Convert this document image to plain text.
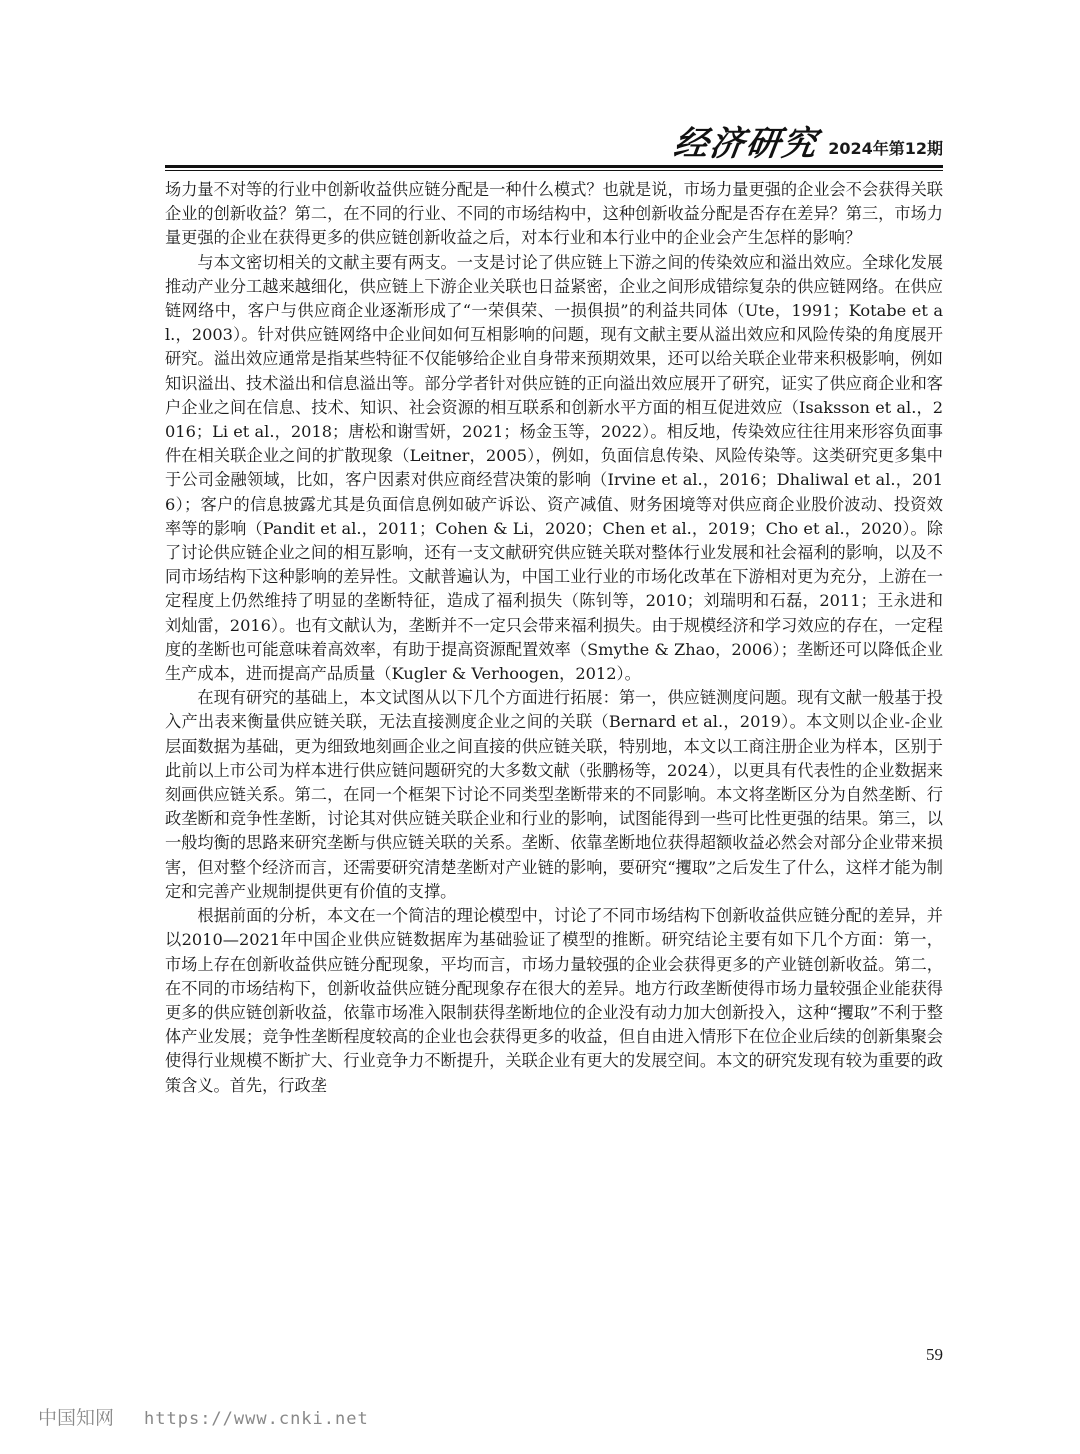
经济研究 2024年第12期

场力量不对等的行业中创新收益供应链分配是一种什么模式？也就是说，市场力量更强的企业会不会获得关联企业的创新收益？第二，在不同的行业、不同的市场结构中，这种创新收益分配是否存在差异？第三，市场力量更强的企业在获得更多的供应链创新收益之后，对本行业和本行业中的企业会产生怎样的影响？

与本文密切相关的文献主要有两支。一支是讨论了供应链上下游之间的传染效应和溢出效应。全球化发展推动产业分工越来越细化，供应链上下游企业关联也日益紧密，企业之间形成错综复杂的供应链网络。在供应链网络中，客户与供应商企业逐渐形成了“一荣俱荣、一损俱损”的利益共同体（Ute，1991；Kotabe et al.，2003）。针对供应链网络中企业间如何互相影响的问题，现有文献主要从溢出效应和风险传染的角度展开研究。溢出效应通常是指某些特征不仅能够给企业自身带来预期效果，还可以给关联企业带来积极影响，例如知识溢出、技术溢出和信息溢出等。部分学者针对供应链的正向溢出效应展开了研究，证实了供应商企业和客户企业之间在信息、技术、知识、社会资源的相互联系和创新水平方面的相互促进效应（Isaksson et al.，2016；Li et al.，2018；唐松和谢雪妍，2021；杨金玉等，2022）。相反地，传染效应往往用来形容负面事件在相关联企业之间的扩散现象（Leitner，2005），例如，负面信息传染、风险传染等。这类研究更多集中于公司金融领域，比如，客户因素对供应商经营决策的影响（Irvine et al.，2016；Dhaliwal et al.，2016）；客户的信息披露尤其是负面信息例如破产诉讼、资产减值、财务困境等对供应商企业股价波动、投资效率等的影响（Pandit et al.，2011；Cohen & Li，2020；Chen et al.，2019；Cho et al.，2020）。除了讨论供应链企业之间的相互影响，还有一支文献研究供应链关联对整体行业发展和社会福利的影响，以及不同市场结构下这种影响的差异性。文献普遍认为，中国工业行业的市场化改革在下游相对更为充分，上游在一定程度上仍然维持了明显的垄断特征，造成了福利损失（陈钊等，2010；刘瑞明和石磊，2011；王永进和刘灿雷，2016）。也有文献认为，垄断并不一定只会带来福利损失。由于规模经济和学习效应的存在，一定程度的垄断也可能意味着高效率，有助于提高资源配置效率（Smythe & Zhao，2006）；垄断还可以降低企业生产成本，进而提高产品质量（Kugler & Verhoogen，2012）。

在现有研究的基础上，本文试图从以下几个方面进行拓展：第一，供应链测度问题。现有文献一般基于投入产出表来衡量供应链关联，无法直接测度企业之间的关联（Bernard et al.，2019）。本文则以企业-企业层面数据为基础，更为细致地刻画企业之间直接的供应链关联，特别地，本文以工商注册企业为样本，区别于此前以上市公司为样本进行供应链问题研究的大多数文献（张鹏杨等，2024），以更具有代表性的企业数据来刻画供应链关系。第二，在同一个框架下讨论不同类型垄断带来的不同影响。本文将垄断区分为自然垄断、行政垄断和竞争性垄断，讨论其对供应链关联企业和行业的影响，试图能得到一些可比性更强的结果。第三，以一般均衡的思路来研究垄断与供应链关联的关系。垄断、依靠垄断地位获得超额收益必然会对部分企业带来损害，但对整个经济而言，还需要研究清楚垄断对产业链的影响，要研究“攫取”之后发生了什么，这样才能为制定和完善产业规制提供更有价值的支撑。

根据前面的分析，本文在一个简洁的理论模型中，讨论了不同市场结构下创新收益供应链分配的差异，并以2010—2021年中国企业供应链数据库为基础验证了模型的推断。研究结论主要有如下几个方面：第一，市场上存在创新收益供应链分配现象，平均而言，市场力量较强的企业会获得更多的产业链创新收益。第二，在不同的市场结构下，创新收益供应链分配现象存在很大的差异。地方行政垄断使得市场力量较强企业能获得更多的供应链创新收益，依靠市场准入限制获得垄断地位的企业没有动力加大创新投入，这种“攫取”不利于整体产业发展；竞争性垄断程度较高的企业也会获得更多的收益，但自由进入情形下在位企业后续的创新集聚会使得行业规模不断扩大、行业竞争力不断提升，关联企业有更大的发展空间。本文的研究发现有较为重要的政策含义。首先，行政垄

59
中国知网 https://www.cnki.net
